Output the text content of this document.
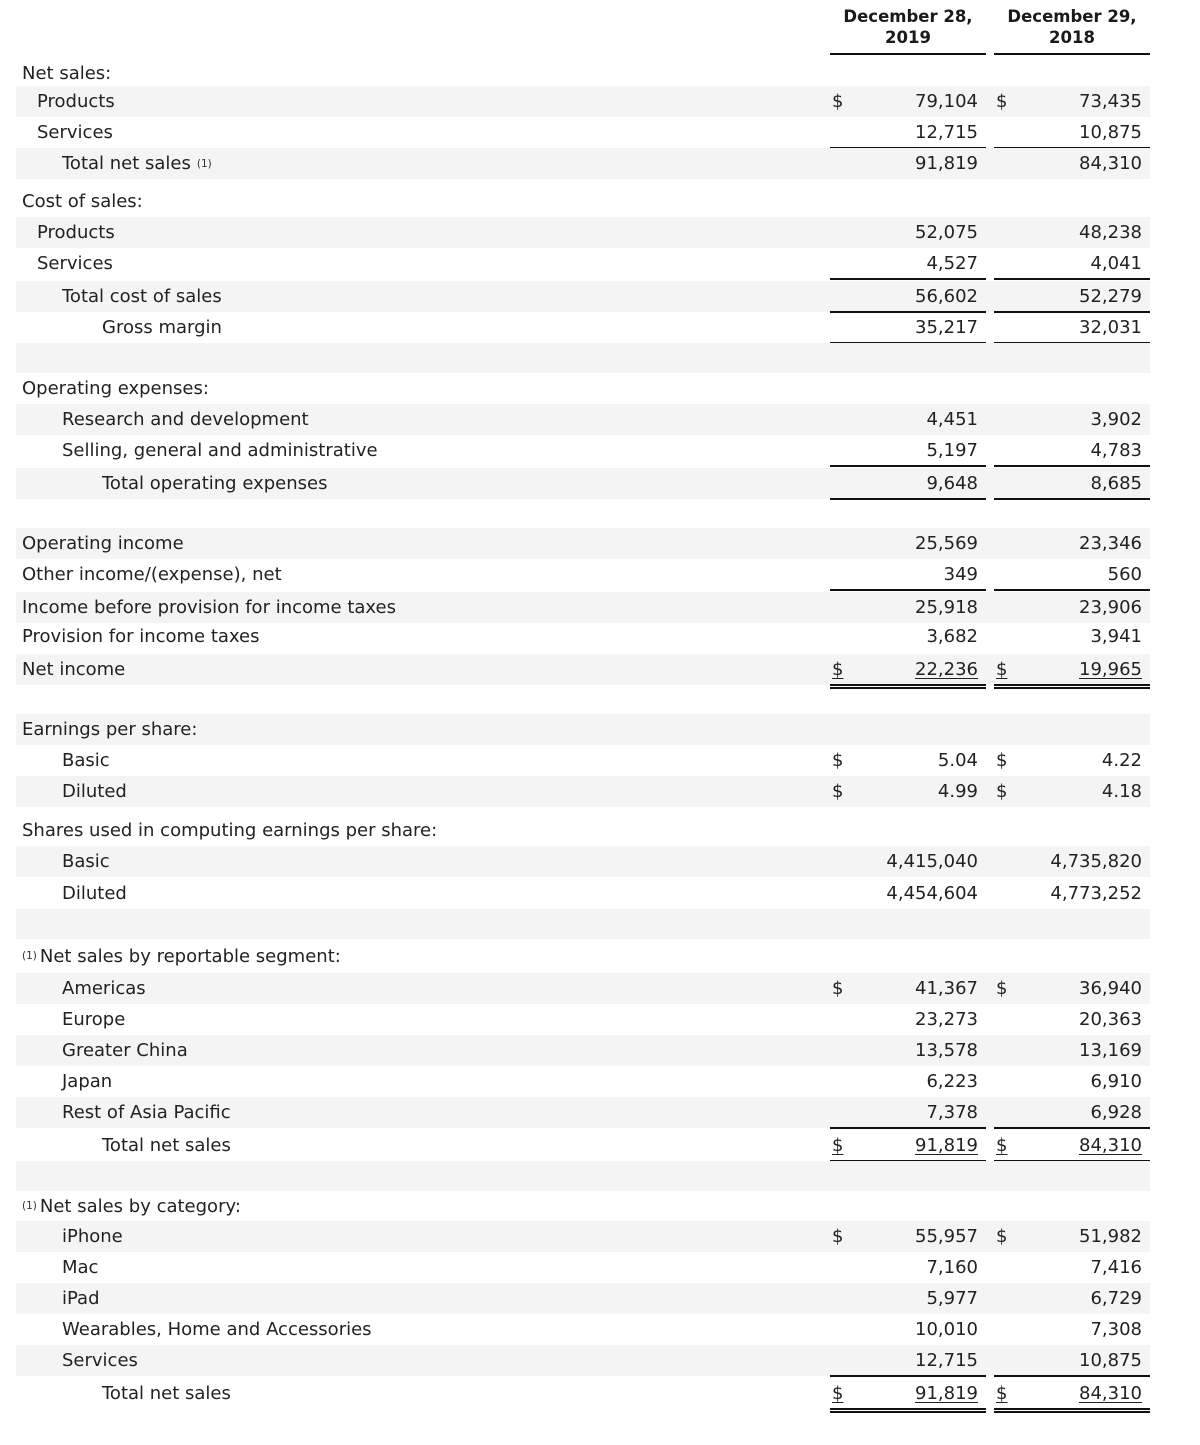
December 28,
2019
December 29,
2018
Net sales:
Products	$	79,104 $	73,435
Services	12,715	10,875
Total net sales (1)	91,819	84,310
Cost of sales:
Products	52,075	48,238
Services	4,527	4,041
Total cost of sales	56,602	52,279
Gross margin	35,217	32,031
Operating expenses:
Research and development	4,451	3,902
Selling, general and administrative	5,197	4,783
Total operating expenses	9,648	8,685
Operating income	25,569	23,346
Other income/(expense), net	349	560
Income before provision for income taxes	25,918	23,906
Provision for income taxes	3,682	3,941
Net income	$	22,236 $	19,965
Earnings per share:
Basic	$	5.04 $	4.22
Diluted	$	4.99 $	4.18
Shares used in computing earnings per share:
Basic	4,415,040	4,735,820
Diluted	4,454,604	4,773,252
(1) Net sales by reportable segment:
Americas	$	41,367 $	36,940
Europe	23,273	20,363
Greater China	13,578	13,169
Japan	6,223	6,910
Rest of Asia Pacific	7,378	6,928
Total net sales	$	91,819 $	84,310
(1) Net sales by category:
iPhone	$	55,957 $	51,982
Mac	7,160	7,416
iPad	5,977	6,729
Wearables, Home and Accessories	10,010	7,308
Services	12,715	10,875
Total net sales	$	91,819 $	84,310
